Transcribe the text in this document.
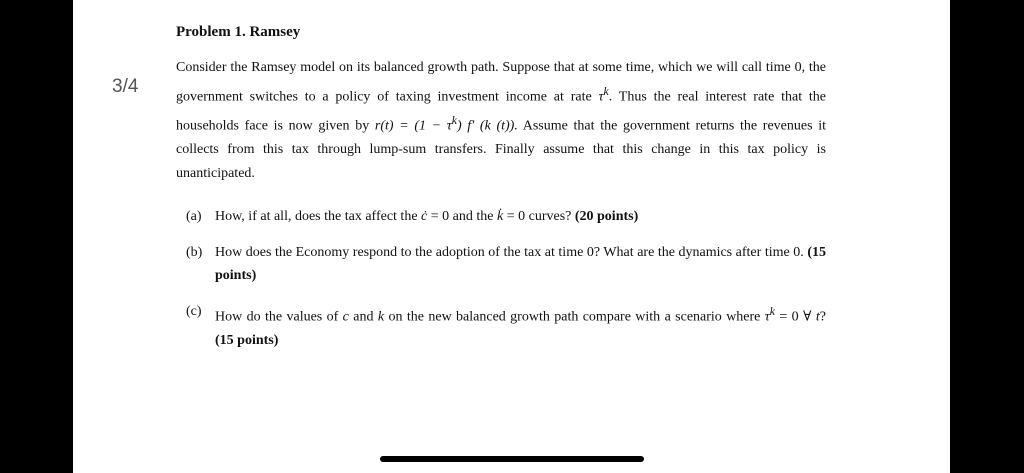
3/4
Problem 1. Ramsey

Consider the Ramsey model on its balanced growth path. Suppose that at some time, which we will call time 0, the government switches to a policy of taxing investment income at rate $\tau^k$. Thus the real interest rate that the households face is now given by $r(t) = (1 - \tau^k)$ f′ (k (t)). Assume that the government returns the revenues it collects from this tax through lump-sum transfers. Finally assume that this change in this tax policy is unanticipated.

(a) How, if at all, does the tax affect the ċ = 0 and the k̇ = 0 curves? (20 points)
(b) How does the Economy respond to the adoption of the tax at time 0? What are the dynamics after time 0. (15 points)
(c) How do the values of c and k on the new balanced growth path compare with a scenario where $\tau^k = 0$ ∀ t? (15 points)
